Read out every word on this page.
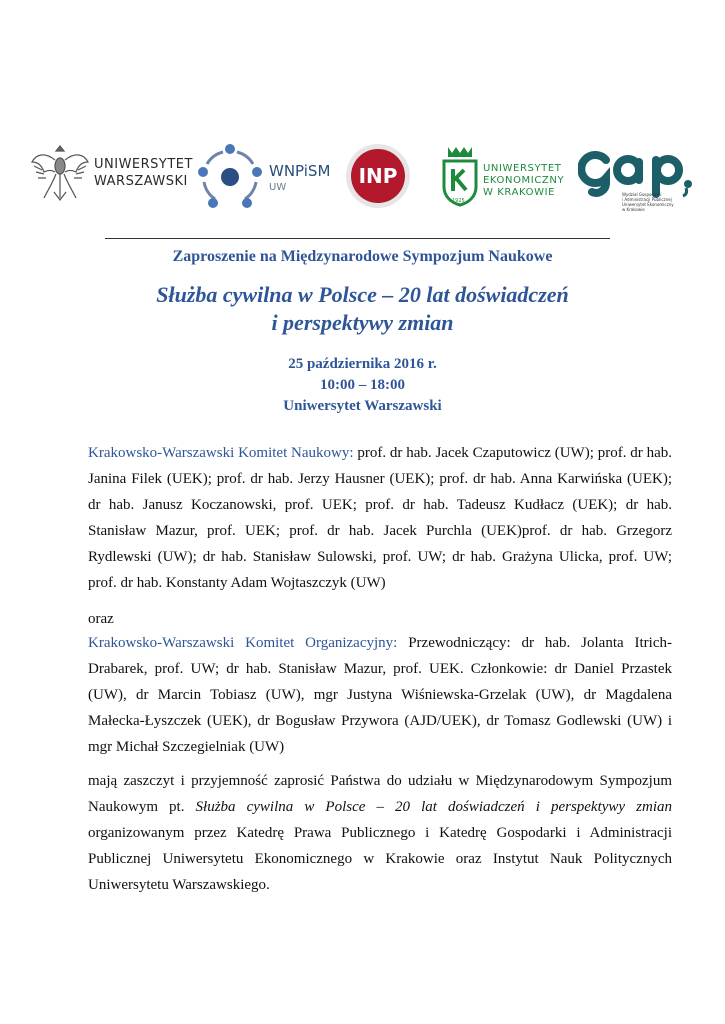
UNIWERSYTET
WARSZAWSKI
WNPiSM
UW	INP	UNIWERSYTET
EKONOMICZNY
W KRAKOWIE
1925
Wydział Gospodarki
i Administracji Publicznej
Uniwersytet Ekonomiczny
w Krakowie
Zaproszenie na Międzynarodowe Sympozjum Naukowe
Służba cywilna w Polsce – 20 lat doświadczeń
i perspektywy zmian
25 października 2016 r.
10:00 – 18:00
Uniwersytet Warszawski
Krakowsko-Warszawski Komitet Naukowy: prof. dr hab. Jacek Czaputowicz (UW); prof. dr hab. Janina Filek (UEK); prof. dr hab. Jerzy Hausner (UEK); prof. dr hab. Anna Karwińska (UEK); dr hab. Janusz Koczanowski, prof. UEK; prof. dr hab. Tadeusz Kudłacz (UEK); dr hab. Stanisław Mazur, prof. UEK; prof. dr hab. Jacek Purchla (UEK)prof. dr hab. Grzegorz Rydlewski (UW); dr hab. Stanisław Sulowski, prof. UW; dr hab. Grażyna Ulicka, prof. UW; prof. dr hab. Konstanty Adam Wojtaszczyk (UW)
oraz
Krakowsko-Warszawski Komitet Organizacyjny: Przewodniczący: dr hab. Jolanta Itrich-Drabarek, prof. UW; dr hab. Stanisław Mazur, prof. UEK. Członkowie: dr Daniel Przastek (UW), dr Marcin Tobiasz (UW), mgr Justyna Wiśniewska-Grzelak (UW), dr Magdalena Małecka-Łyszczek (UEK), dr Bogusław Przywora (AJD/UEK), dr Tomasz Godlewski (UW) i mgr Michał Szczegielniak (UW)
mają zaszczyt i przyjemność zaprosić Państwa do udziału w Międzynarodowym Sympozjum Naukowym pt. Służba cywilna w Polsce – 20 lat doświadczeń i perspektywy zmian organizowanym przez Katedrę Prawa Publicznego i Katedrę Gospodarki i Administracji Publicznej Uniwersytetu Ekonomicznego w Krakowie oraz Instytut Nauk Politycznych Uniwersytetu Warszawskiego.
